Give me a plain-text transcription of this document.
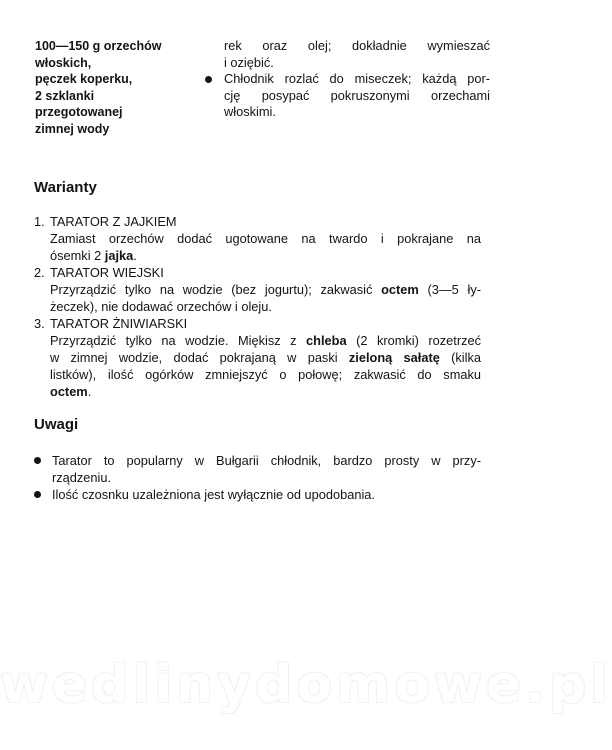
100—150 g orzechów
włoskich,
pęczek koperku,
2 szklanki
przegotowanej
zimnej wody
rek oraz olej; dokładnie wymieszać
i oziębić.
Chłodnik rozlać do miseczek; każdą por-
cję posypać pokruszonymi orzechami
włoskimi.
Warianty
1. TARATOR Z JAJKIEM
Zamiast orzechów dodać ugotowane na twardo i pokrajane na
ósemki 2 jajka.
2. TARATOR WIEJSKI
Przyrządzić tylko na wodzie (bez jogurtu); zakwasić octem (3—5 ły-
żeczek), nie dodawać orzechów i oleju.
3. TARATOR ŻNIWIARSKI
Przyrządzić tylko na wodzie. Miękisz z chleba (2 kromki) rozetrzeć
w zimnej wodzie, dodać pokrajaną w paski zieloną sałatę (kilka
listków), ilość ogórków zmniejszyć o połowę; zakwasić do smaku
octem.
Uwagi
Tarator to popularny w Bułgarii chłodnik, bardzo prosty w przy-
rządzeniu.
Ilość czosnku uzależniona jest wyłącznie od upodobania.
wedlinydomowe.pl
